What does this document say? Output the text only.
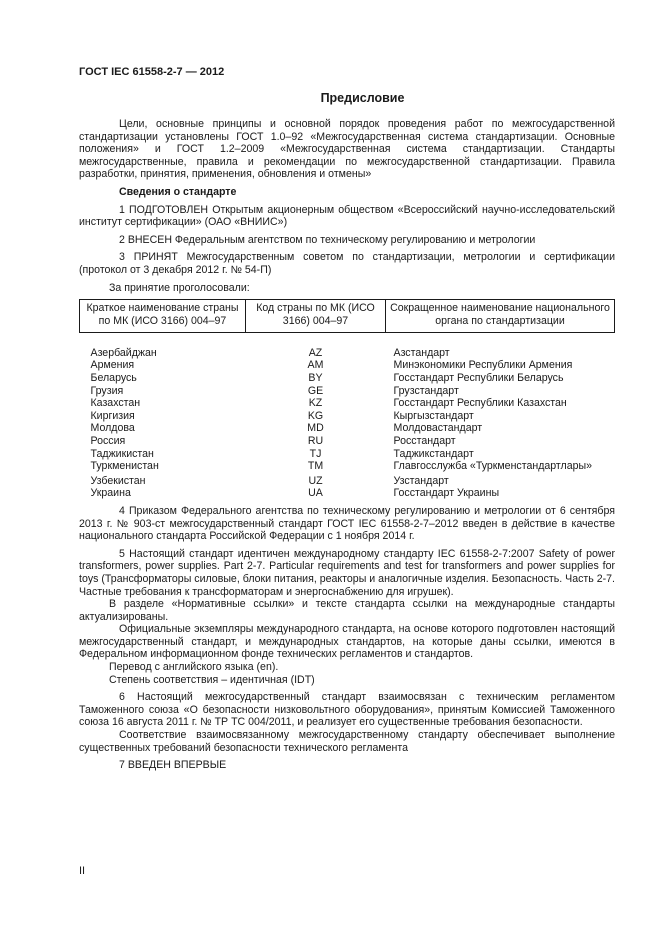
ГОСТ IEC 61558-2-7 — 2012
Предисловие

Цели, основные принципы и основной порядок проведения работ по межгосударственной стандартизации установлены ГОСТ 1.0–92 «Межгосударственная система стандартизации. Основные положения» и ГОСТ 1.2–2009 «Межгосударственная система стандартизации. Стандарты межгосударственные, правила и рекомендации по межгосударственной стандартизации. Правила разработки, принятия, применения, обновления и отмены»

Сведения о стандарте

1 ПОДГОТОВЛЕН Открытым акционерным обществом «Всероссийский научно-исследовательский институт сертификации» (ОАО «ВНИИС»)

2 ВНЕСЕН Федеральным агентством по техническому регулированию и метрологии

3 ПРИНЯТ Межгосударственным советом по стандартизации, метрологии и сертификации (протокол от 3 декабря 2012 г. № 54-П)

За принятие проголосовали:

Краткое наименование страны по МК (ИСО 3166) 004–97	Код страны по МК (ИСО 3166) 004–97	Сокращенное наименование национального органа по стандартизации

Азербайджан	AZ	Азстандарт
Армения	AM	Минэкономики Республики Армения
Беларусь	BY	Госстандарт Республики Беларусь
Грузия	GE	Грузстандарт
Казахстан	KZ	Госстандарт Республики Казахстан
Киргизия	KG	Кыргызстандарт
Молдова	MD	Молдовастандарт
Россия	RU	Росстандарт
Таджикистан	TJ	Таджикстандарт
Туркменистан	TM	Главгосслужба «Туркменстандартлары»

Узбекистан	UZ	Узстандарт
Украина	UA	Госстандарт Украины

4 Приказом Федерального агентства по техническому регулированию и метрологии от 6 сентября 2013 г. № 903-ст межгосударственный стандарт ГОСТ IEC 61558-2-7–2012 введен в действие в качестве национального стандарта Российской Федерации с 1 ноября 2014 г.

5 Настоящий стандарт идентичен международному стандарту IEC 61558-2-7:2007 Safety of power transformers, power supplies. Part 2-7. Particular requirements and test for transformers and power supplies for toys (Трансформаторы силовые, блоки питания, реакторы и аналогичные изделия. Безопасность. Часть 2-7. Частные требования к трансформаторам и энергоснабжению для игрушек).

В разделе «Нормативные ссылки» и тексте стандарта ссылки на международные стандарты актуализированы.

Официальные экземпляры международного стандарта, на основе которого подготовлен настоящий межгосударственный стандарт, и международных стандартов, на которые даны ссылки, имеются в Федеральном информационном фонде технических регламентов и стандартов.

Перевод с английского языка (en).

Степень соответствия – идентичная (IDT)

6 Настоящий межгосударственный стандарт взаимосвязан с техническим регламентом Таможенного союза «О безопасности низковольтного оборудования», принятым Комиссией Таможенного союза 16 августа 2011 г. № ТР ТС 004/2011, и реализует его существенные требования безопасности.

Соответствие взаимосвязанному межгосударственному стандарту обеспечивает выполнение существенных требований безопасности технического регламента

7 ВВЕДЕН ВПЕРВЫЕ

II
